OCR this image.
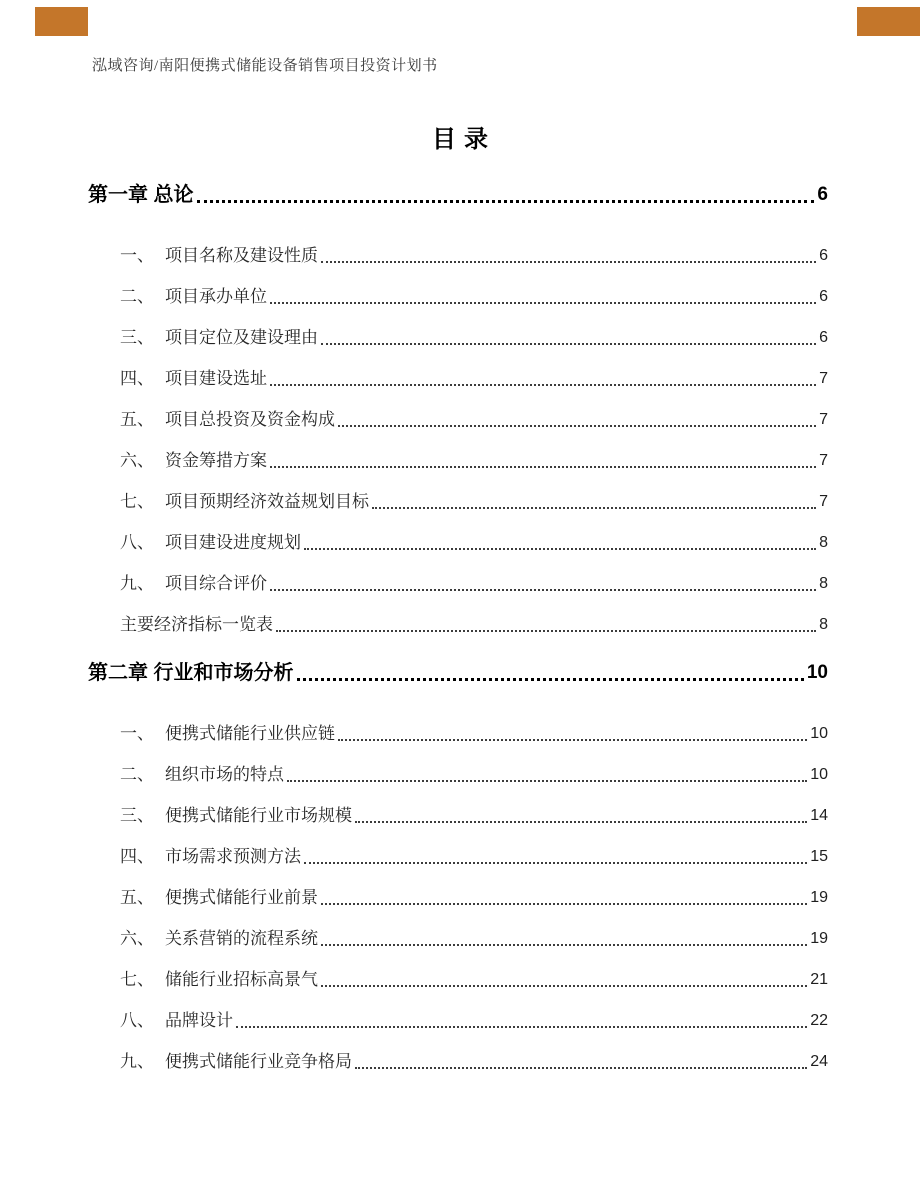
泓域咨询/南阳便携式储能设备销售项目投资计划书
目录
第一章 总论	6
一、 项目名称及建设性质	6
二、 项目承办单位	6
三、 项目定位及建设理由	6
四、 项目建设选址	7
五、 项目总投资及资金构成	7
六、 资金筹措方案	7
七、 项目预期经济效益规划目标	7
八、 项目建设进度规划	8
九、 项目综合评价	8
主要经济指标一览表	8
第二章 行业和市场分析	10
一、 便携式储能行业供应链	10
二、 组织市场的特点	10
三、 便携式储能行业市场规模	14
四、 市场需求预测方法	15
五、 便携式储能行业前景	19
六、 关系营销的流程系统	19
七、 储能行业招标高景气	21
八、 品牌设计	22
九、 便携式储能行业竞争格局	24
